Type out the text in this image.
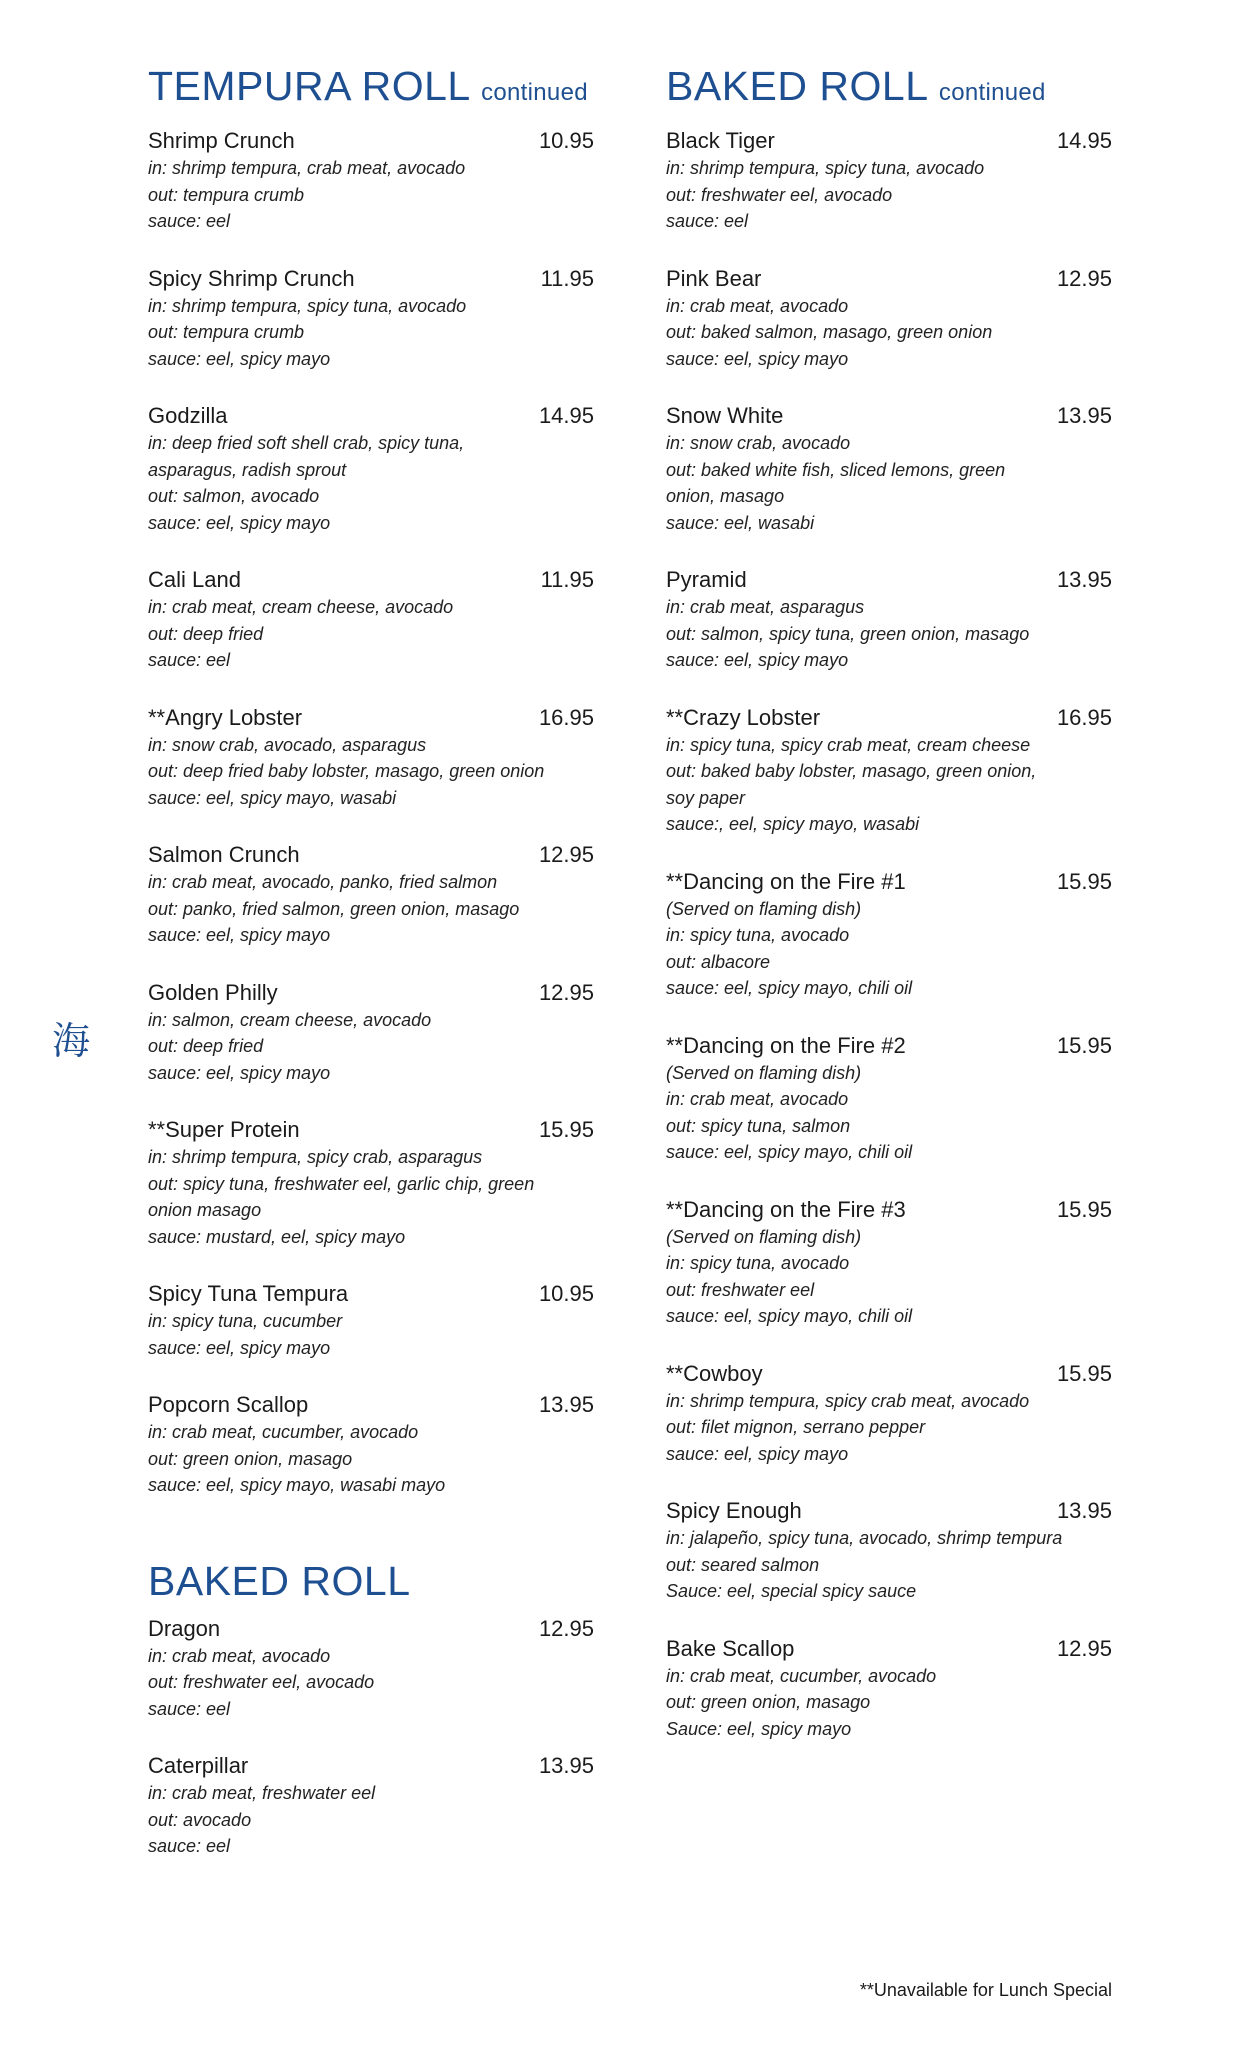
TEMPURA ROLL continued
Shrimp Crunch	10.95
in: shrimp tempura, crab meat, avocado
out: tempura crumb
sauce: eel
Spicy Shrimp Crunch	11.95
in: shrimp tempura, spicy tuna, avocado
out: tempura crumb
sauce: eel, spicy mayo
Godzilla	14.95
in: deep fried soft shell crab, spicy tuna,
asparagus, radish sprout
out: salmon, avocado
sauce: eel, spicy mayo
Cali Land	11.95
in: crab meat, cream cheese, avocado
out: deep fried
sauce: eel
**Angry Lobster	16.95
in: snow crab, avocado, asparagus
out: deep fried baby lobster, masago, green onion
sauce: eel, spicy mayo, wasabi
Salmon Crunch	12.95
in: crab meat, avocado, panko, fried salmon
out: panko, fried salmon, green onion, masago
sauce: eel, spicy mayo
Golden Philly	12.95
in: salmon, cream cheese, avocado
out: deep fried
sauce: eel, spicy mayo
**Super Protein	15.95
in: shrimp tempura, spicy crab, asparagus
out: spicy tuna, freshwater eel, garlic chip, green
onion masago
sauce: mustard, eel, spicy mayo
Spicy Tuna Tempura	10.95
in: spicy tuna, cucumber
sauce: eel, spicy mayo
Popcorn Scallop	13.95
in: crab meat, cucumber, avocado
out: green onion, masago
sauce: eel, spicy mayo, wasabi mayo
BAKED ROLL
Dragon	12.95
in: crab meat, avocado
out: freshwater eel, avocado
sauce: eel
Caterpillar	13.95
in: crab meat, freshwater eel
out: avocado
sauce: eel
BAKED ROLL continued
Black Tiger	14.95
in: shrimp tempura, spicy tuna, avocado
out: freshwater eel, avocado
sauce: eel
Pink Bear	12.95
in: crab meat, avocado
out: baked salmon, masago, green onion
sauce: eel, spicy mayo
Snow White	13.95
in: snow crab, avocado
out: baked white fish, sliced lemons, green
onion, masago
sauce: eel, wasabi
Pyramid	13.95
in: crab meat, asparagus
out: salmon, spicy tuna, green onion, masago
sauce: eel, spicy mayo
**Crazy Lobster	16.95
in: spicy tuna, spicy crab meat, cream cheese
out: baked baby lobster, masago, green onion,
soy paper
sauce:, eel, spicy mayo, wasabi
**Dancing on the Fire #1	15.95
(Served on flaming dish)
in: spicy tuna, avocado
out: albacore
sauce: eel, spicy mayo, chili oil
**Dancing on the Fire #2	15.95
(Served on flaming dish)
in: crab meat, avocado
out: spicy tuna, salmon
sauce: eel, spicy mayo, chili oil
**Dancing on the Fire #3	15.95
(Served on flaming dish)
in: spicy tuna, avocado
out: freshwater eel
sauce: eel, spicy mayo, chili oil
**Cowboy	15.95
in: shrimp tempura, spicy crab meat, avocado
out: filet mignon, serrano pepper
sauce: eel, spicy mayo
Spicy Enough	13.95
in: jalapeño, spicy tuna, avocado, shrimp tempura
out: seared salmon
Sauce: eel, special spicy sauce
Bake Scallop	12.95
in: crab meat, cucumber, avocado
out: green onion, masago
Sauce: eel, spicy mayo
海
**Unavailable for Lunch Special
